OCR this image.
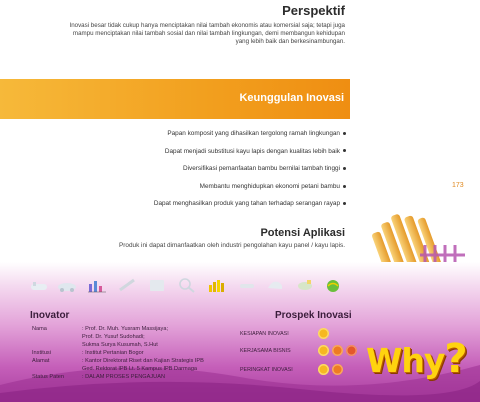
Perspektif
Inovasi besar tidak cukup hanya menciptakan nilai tambah ekonomis atau komersial saja; tetapi juga
mampu menciptakan nilai tambah sosial dan nilai tambah lingkungan, demi membangun kehidupan
yang lebih baik dan berkesinambungan.
Keunggulan Inovasi
Papan komposit yang dihasilkan tergolong ramah lingkungan
Dapat menjadi substitusi kayu lapis dengan kualitas lebih baik
Diversifikasi pemanfaatan bambu bernilai tambah tinggi
Membantu menghidupkan ekonomi petani bambu
Dapat menghasilkan produk yang tahan terhadap serangan rayap
173
Potensi Aplikasi
Produk ini dapat dimanfaatkan oleh industri pengolahan kayu panel / kayu lapis.
Inovator
Nama	: Prof. Dr. Muh. Yusram Massijaya;
Prof. Dr. Yusuf Sudohadi;
Sukma Surya Kusumah, S.Hut
Institusi	: Institut Pertanian Bogor
Alamat	: Kantor Direktorat Riset dan Kajian Strategis IPB
Ged. Rektorat IPB Lt. 5 Kampus IPB Darmaga
Status Paten	: DALAM PROSES PENGAJUAN
Prospek Inovasi
KESIAPAN INOVASI
KERJASAMA BISNIS
PERINGKAT INOVASI	Why?
